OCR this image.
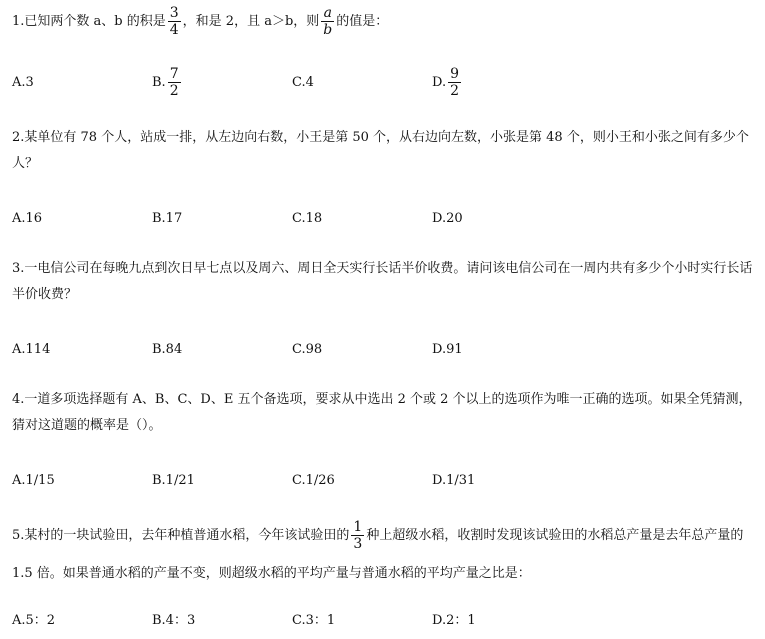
1.已知两个数 a、b 的积是 $\frac{3}{4}$ ，和是 2，且 a＞b，则 $\frac{a}{b}$ 的值是：
A.3	B. $\frac{7}{2}$	C.4	D. $\frac{9}{2}$
2.某单位有 78 个人，站成一排，从左边向右数，小王是第 50 个，从右边向左数，小张是第 48 个，则小王和小张之间有多少个人？
A.16	B.17	C.18	D.20
3.一电信公司在每晚九点到次日早七点以及周六、周日全天实行长话半价收费。请问该电信公司在一周内共有多少个小时实行长话半价收费？
A.114	B.84	C.98	D.91
4.一道多项选择题有 A、B、C、D、E 五个备选项，要求从中选出 2 个或 2 个以上的选项作为唯一正确的选项。如果全凭猜测，猜对这道题的概率是（）。
A.1/15	B.1/21	C.1/26	D.1/31
5.某村的一块试验田，去年种植普通水稻，今年该试验田的 $\frac{1}{3}$ 种上超级水稻，收割时发现该试验田的水稻总产量是去年总产量的 1.5 倍。如果普通水稻的产量不变，则超级水稻的平均产量与普通水稻的平均产量之比是：
A.5：2	B.4：3	C.3：1	D.2：1
